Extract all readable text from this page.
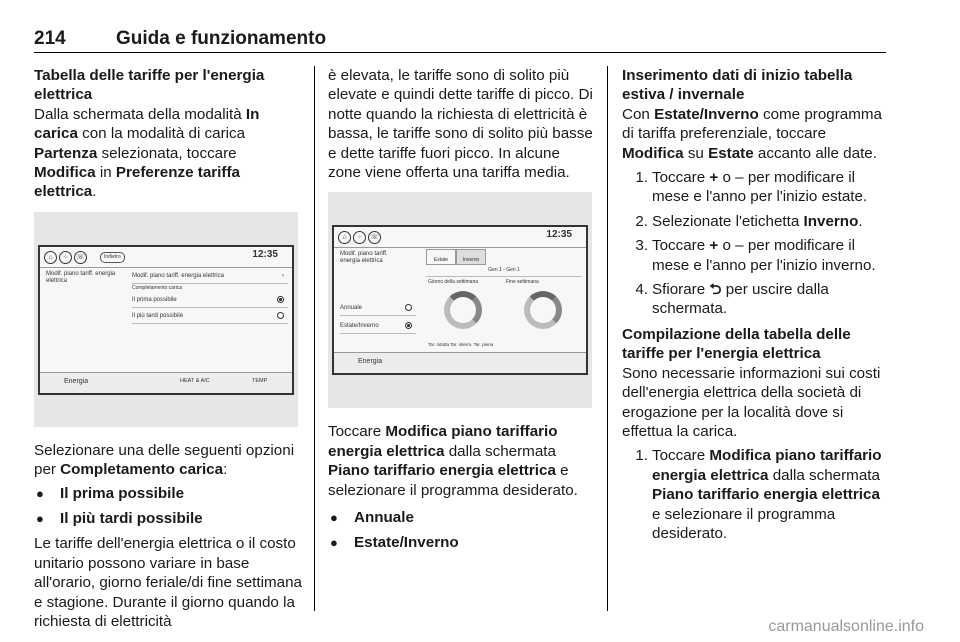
214	Guida e funzionamento

Tabella delle tariffe per l'energia elettrica

Dalla schermata della modalità In carica con la modalità di carica Partenza selezionata, toccare Modifica in Preferenze tariffa elettrica.

⌂	⁘	☏	Indietro	12:35
Modif. piano tariff. energia elettrica
Modif. piano tariff. energia elettrica	›
Completamento carica
Il prima possibile
Il più tardi possibile
Energia	HEAT & A/C	TEMP

Selezionare una delle seguenti opzioni per Completamento carica:

●	Il prima possibile
●	Il più tardi possibile

Le tariffe dell'energia elettrica o il costo unitario possono variare in base all'orario, giorno feriale/di fine settimana e stagione. Durante il giorno quando la richiesta di elettricità

è elevata, le tariffe sono di solito più elevate e quindi dette tariffe di picco. Di notte quando la richiesta di elettricità è bassa, le tariffe sono di solito più basse e dette tariffe fuori picco. In alcune zone viene offerta una tariffa media.

⌂	⁘	☏	12:35
Modif. piano tariff. energia elettrica	Estate	Inverno
Gen 1 - Gen 1
Giorno della settimana	Fine settimana
Tar. ridotta Tar. interm. Tar. piena
Annuale
Estate/Inverno
Energia

Toccare Modifica piano tariffario energia elettrica dalla schermata Piano tariffario energia elettrica e selezionare il programma desiderato.

●	Annuale
●	Estate/Inverno

Inserimento dati di inizio tabella estiva / invernale

Con Estate/Inverno come programma di tariffa preferenziale, toccare Modifica su Estate accanto alle date.

1. Toccare + o – per modificare il mese e l'anno per l'inizio estate.
2. Selezionate l'etichetta Inverno.
3. Toccare + o – per modificare il mese e l'anno per l'inizio inverno.
4. Sfiorare ⮌ per uscire dalla schermata.

Compilazione della tabella delle tariffe per l'energia elettrica

Sono necessarie informazioni sui costi dell'energia elettrica della società di erogazione per la località dove si effettua la carica.

1. Toccare Modifica piano tariffario energia elettrica dalla schermata Piano tariffario energia elettrica e selezionare il programma desiderato.
carmanualsonline.info
